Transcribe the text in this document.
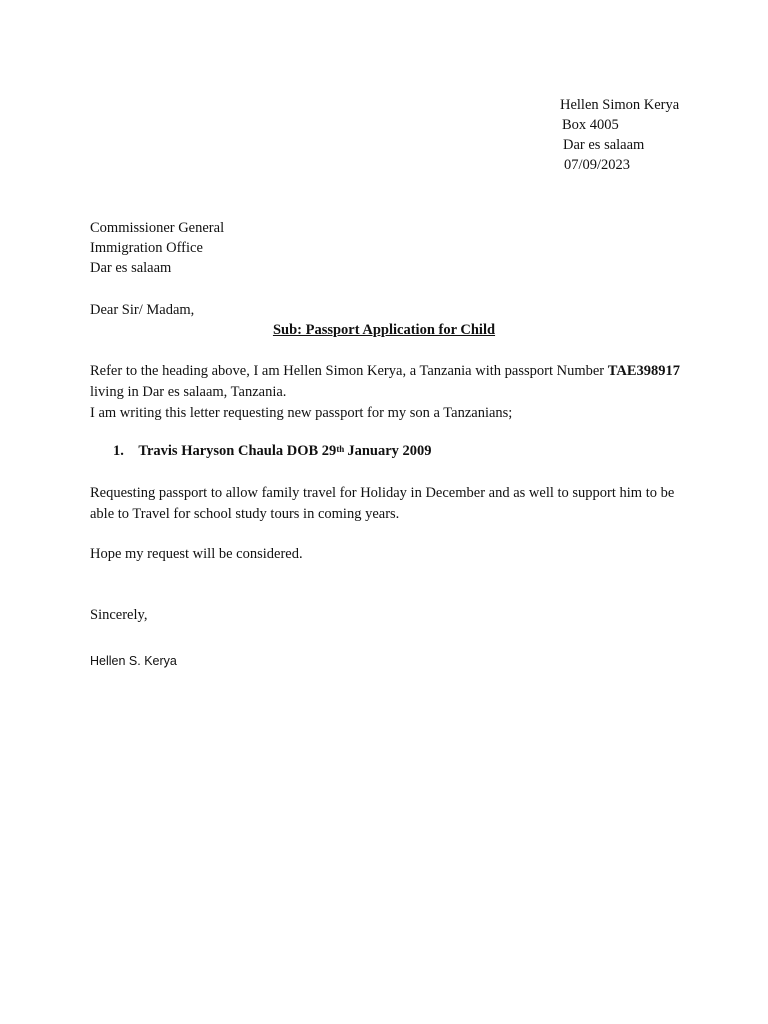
Hellen Simon Kerya
Box 4005
Dar es salaam
07/09/2023
Commissioner General
Immigration Office
Dar es salaam
Dear Sir/ Madam,
Sub: Passport Application for Child
Refer to the heading above, I am Hellen Simon Kerya, a Tanzania with passport Number TAE398917
living in Dar es salaam, Tanzania.
I am writing this letter requesting new passport for my son a Tanzanians;
1. Travis Haryson Chaula DOB 29th January 2009
Requesting passport to allow family travel for Holiday in December and as well to support him to be
able to Travel for school study tours in coming years.
Hope my request will be considered.
Sincerely,
Hellen S. Kerya
